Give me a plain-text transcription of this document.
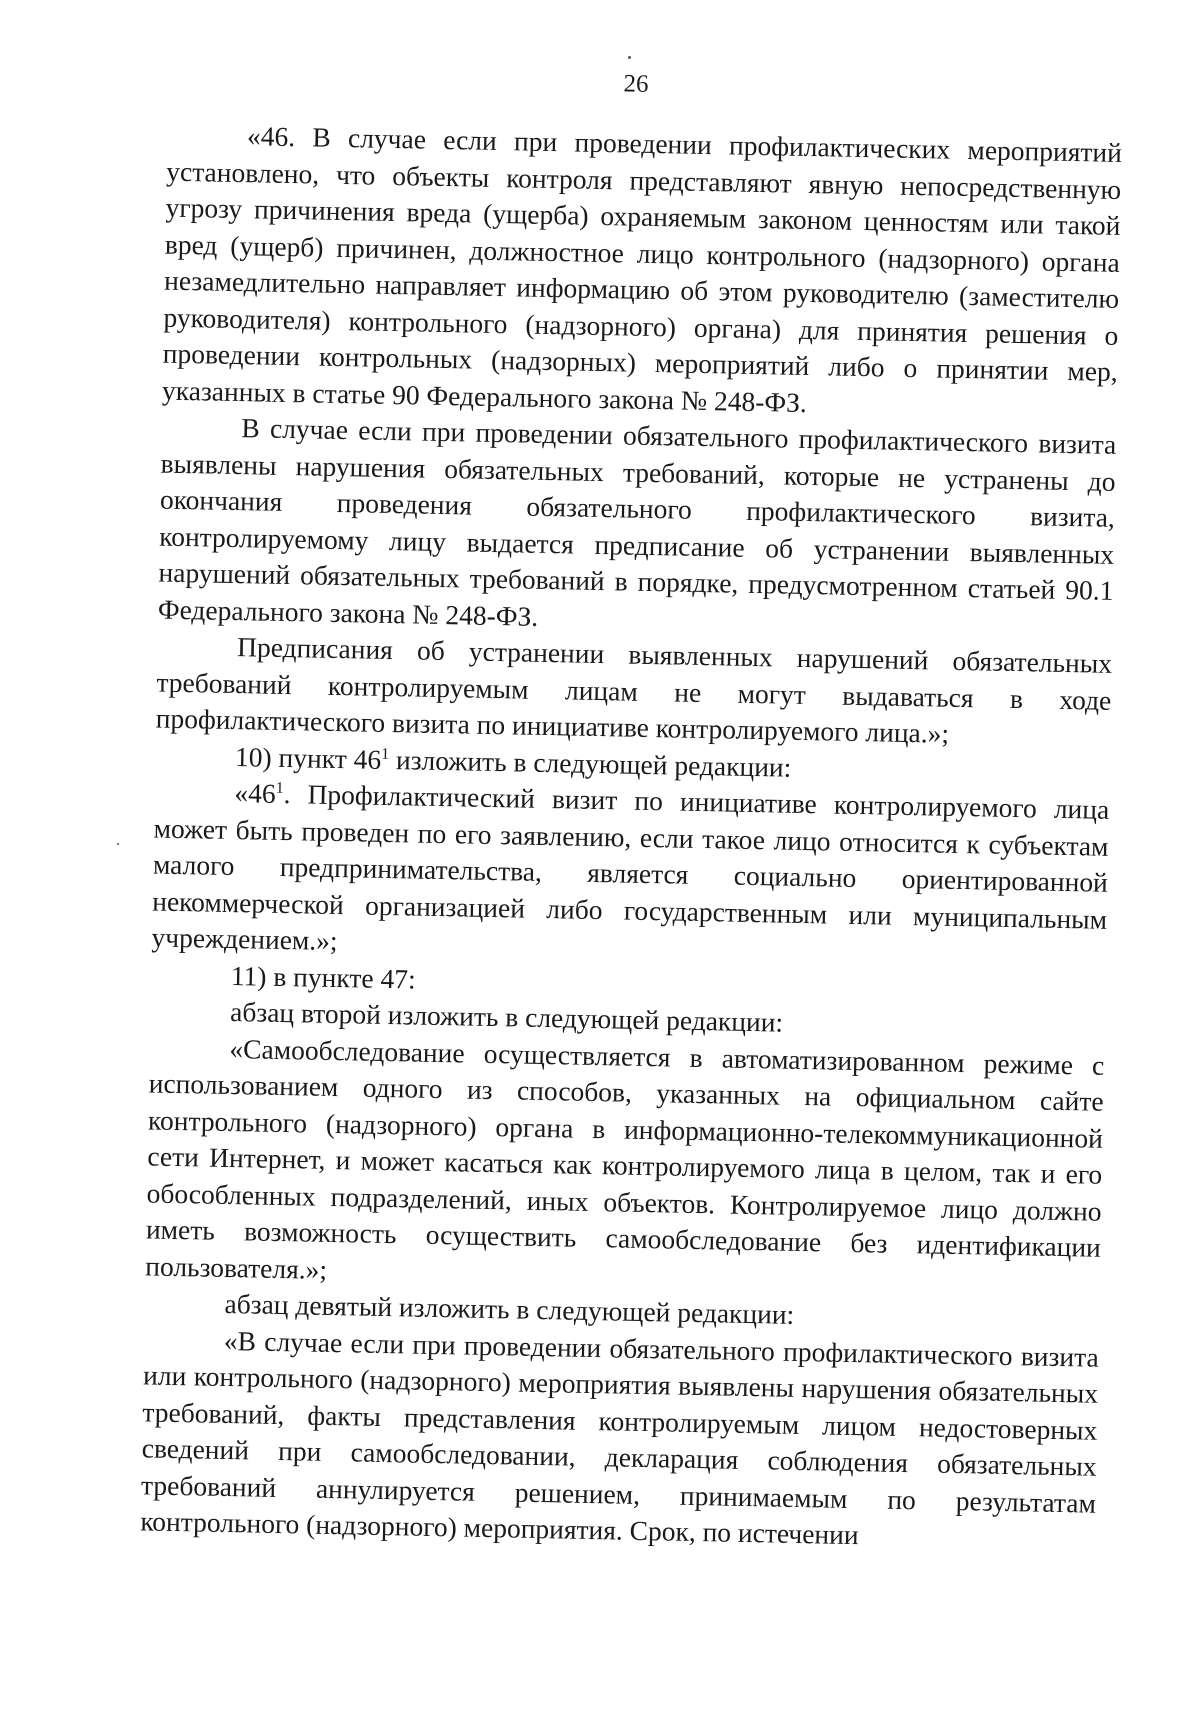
26

«46. В случае если при проведении профилактических мероприятий установлено, что объекты контроля представляют явную непосредственную угрозу причинения вреда (ущерба) охраняемым законом ценностям или такой вред (ущерб) причинен, должностное лицо контрольного (надзорного) органа незамедлительно направляет информацию об этом руководителю (заместителю руководителя) контрольного (надзорного) органа) для принятия решения о проведении контрольных (надзорных) мероприятий либо о принятии мер, указанных в статье 90 Федерального закона № 248-ФЗ.

В случае если при проведении обязательного профилактического визита выявлены нарушения обязательных требований, которые не устранены до окончания проведения обязательного профилактического визита, контролируемому лицу выдается предписание об устранении выявленных нарушений обязательных требований в порядке, предусмотренном статьей 90.1 Федерального закона № 248-ФЗ.

Предписания об устранении выявленных нарушений обязательных требований контролируемым лицам не могут выдаваться в ходе профилактического визита по инициативе контролируемого лица.»;

10) пункт $46^1$ изложить в следующей редакции:

«$46^1$. Профилактический визит по инициативе контролируемого лица может быть проведен по его заявлению, если такое лицо относится к субъектам малого предпринимательства, является социально ориентированной некоммерческой организацией либо государственным или муниципальным учреждением.»;

11) в пункте 47:

абзац второй изложить в следующей редакции:

«Самообследование осуществляется в автоматизированном режиме с использованием одного из способов, указанных на официальном сайте контрольного (надзорного) органа в информационно-телекоммуникационной сети Интернет, и может касаться как контролируемого лица в целом, так и его обособленных подразделений, иных объектов. Контролируемое лицо должно иметь возможность осуществить самообследование без идентификации пользователя.»;

абзац девятый изложить в следующей редакции:

«В случае если при проведении обязательного профилактического визита или контрольного (надзорного) мероприятия выявлены нарушения обязательных требований, факты представления контролируемым лицом недостоверных сведений при самообследовании, декларация соблюдения обязательных требований аннулируется решением, принимаемым по результатам контрольного (надзорного) мероприятия. Срок, по истечении
